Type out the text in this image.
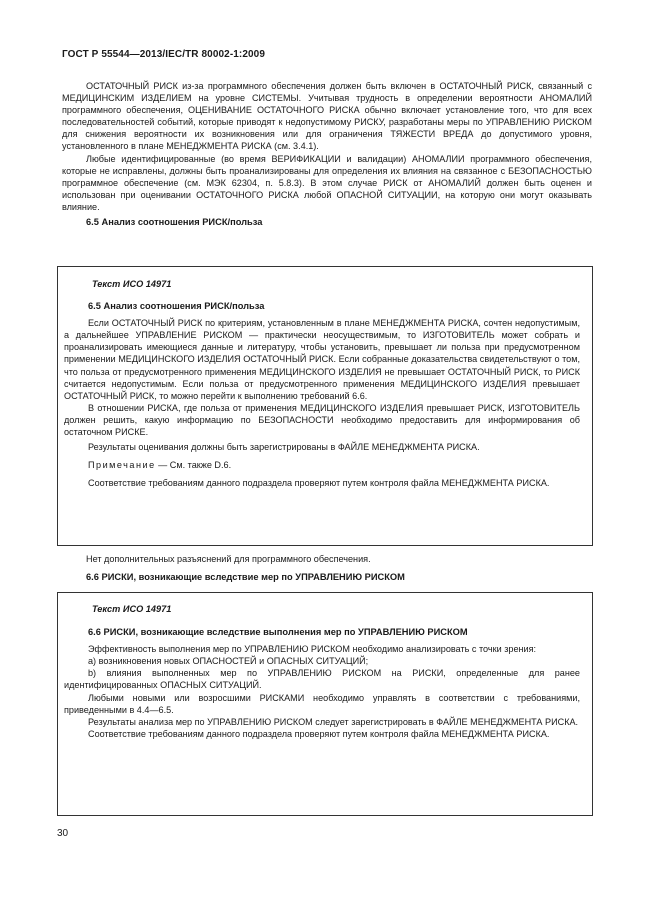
ГОСТ Р 55544—2013/IEC/TR 80002-1:2009

ОСТАТОЧНЫЙ РИСК из-за программного обеспечения должен быть включен в ОСТАТОЧНЫЙ РИСК, связанный с МЕДИЦИНСКИМ ИЗДЕЛИЕМ на уровне СИСТЕМЫ. Учитывая трудность в определении вероятности АНОМАЛИЙ программного обеспечения, ОЦЕНИВАНИЕ ОСТАТОЧНОГО РИСКА обычно включает установление того, что для всех последовательностей событий, которые приводят к недопустимому РИСКУ, разработаны меры по УПРАВЛЕНИЮ РИСКОМ для снижения вероятности их возникновения или для ограничения ТЯЖЕСТИ ВРЕДА до допустимого уровня, установленного в плане МЕНЕДЖМЕНТА РИСКА (см. 3.4.1).

Любые идентифицированные (во время ВЕРИФИКАЦИИ и валидации) АНОМАЛИИ программного обеспечения, которые не исправлены, должны быть проанализированы для определения их влияния на связанное с БЕЗОПАСНОСТЬЮ программное обеспечение (см. МЭК 62304, п. 5.8.3). В этом случае РИСК от АНОМАЛИЙ должен быть оценен и использован при оценивании ОСТАТОЧНОГО РИСКА любой ОПАСНОЙ СИТУАЦИИ, на которую они могут оказывать влияние.

6.5 Анализ соотношения РИСК/польза

Текст ИСО 14971

6.5 Анализ соотношения РИСК/польза

Если ОСТАТОЧНЫЙ РИСК по критериям, установленным в плане МЕНЕДЖМЕНТА РИСКА, сочтен недопустимым, а дальнейшее УПРАВЛЕНИЕ РИСКОМ — практически неосуществимым, то ИЗГОТОВИТЕЛЬ может собрать и проанализировать имеющиеся данные и литературу, чтобы установить, превышает ли польза при предусмотренном применении МЕДИЦИНСКОГО ИЗДЕЛИЯ ОСТАТОЧНЫЙ РИСК. Если собранные доказательства свидетельствуют о том, что польза от предусмотренного применения МЕДИЦИНСКОГО ИЗДЕЛИЯ не превышает ОСТАТОЧНЫЙ РИСК, то РИСК считается недопустимым. Если польза от предусмотренного применения МЕДИЦИНСКОГО ИЗДЕЛИЯ превышает ОСТАТОЧНЫЙ РИСК, то можно перейти к выполнению требований 6.6.

В отношении РИСКА, где польза от применения МЕДИЦИНСКОГО ИЗДЕЛИЯ превышает РИСК, ИЗГОТОВИТЕЛЬ должен решить, какую информацию по БЕЗОПАСНОСТИ необходимо предоставить для информирования об остаточном РИСКЕ.

Результаты оценивания должны быть зарегистрированы в ФАЙЛЕ МЕНЕДЖМЕНТА РИСКА.

Примечание — См. также D.6.

Соответствие требованиям данного подраздела проверяют путем контроля файла МЕНЕДЖМЕНТА РИСКА.

Нет дополнительных разъяснений для программного обеспечения.

6.6 РИСКИ, возникающие вследствие мер по УПРАВЛЕНИЮ РИСКОМ

Текст ИСО 14971

6.6 РИСКИ, возникающие вследствие выполнения мер по УПРАВЛЕНИЮ РИСКОМ

Эффективность выполнения мер по УПРАВЛЕНИЮ РИСКОМ необходимо анализировать с точки зрения:

а) возникновения новых ОПАСНОСТЕЙ и ОПАСНЫХ СИТУАЦИЙ;

b) влияния выполненных мер по УПРАВЛЕНИЮ РИСКОМ на РИСКИ, определенные для ранее идентифицированных ОПАСНЫХ СИТУАЦИЙ.

Любыми новыми или возросшими РИСКАМИ необходимо управлять в соответствии с требованиями, приведенными в 4.4—6.5.

Результаты анализа мер по УПРАВЛЕНИЮ РИСКОМ следует зарегистрировать в ФАЙЛЕ МЕНЕДЖМЕНТА РИСКА.

Соответствие требованиям данного подраздела проверяют путем контроля файла МЕНЕДЖМЕНТА РИСКА.

30
